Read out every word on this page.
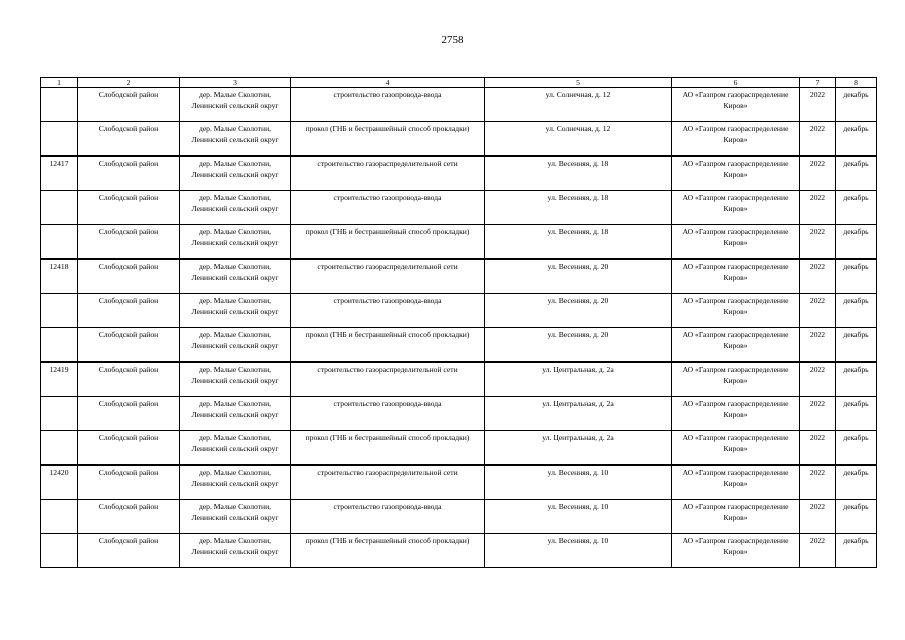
2758
1	2	3	4	5	6	7	8
	Слободской район	дер. Малые Сколотни, Ленинский сельский округ	строительство газопровода-ввода	ул. Солнечная, д. 12	АО «Газпром газораспределение Киров»	2022	декабрь
	Слободской район	дер. Малые Сколотни, Ленинский сельский округ	прокол (ГНБ и бестраншейный способ прокладки)	ул. Солнечная, д. 12	АО «Газпром газораспределение Киров»	2022	декабрь
12417	Слободской район	дер. Малые Сколотни, Ленинский сельский округ	строительство газораспределительной сети	ул. Весенняя, д. 18	АО «Газпром газораспределение Киров»	2022	декабрь
	Слободской район	дер. Малые Сколотни, Ленинский сельский округ	строительство газопровода-ввода	ул. Весенняя, д. 18	АО «Газпром газораспределение Киров»	2022	декабрь
	Слободской район	дер. Малые Сколотни, Ленинский сельский округ	прокол (ГНБ и бестраншейный способ прокладки)	ул. Весенняя, д. 18	АО «Газпром газораспределение Киров»	2022	декабрь
12418	Слободской район	дер. Малые Сколотни, Ленинский сельский округ	строительство газораспределительной сети	ул. Весенняя, д. 20	АО «Газпром газораспределение Киров»	2022	декабрь
	Слободской район	дер. Малые Сколотни, Ленинский сельский округ	строительство газопровода-ввода	ул. Весенняя, д. 20	АО «Газпром газораспределение Киров»	2022	декабрь
	Слободской район	дер. Малые Сколотни, Ленинский сельский округ	прокол (ГНБ и бестраншейный способ прокладки)	ул. Весенняя, д. 20	АО «Газпром газораспределение Киров»	2022	декабрь
12419	Слободской район	дер. Малые Сколотни, Ленинский сельский округ	строительство газораспределительной сети	ул. Центральная, д. 2а	АО «Газпром газораспределение Киров»	2022	декабрь
	Слободской район	дер. Малые Сколотни, Ленинский сельский округ	строительство газопровода-ввода	ул. Центральная, д. 2а	АО «Газпром газораспределение Киров»	2022	декабрь
	Слободской район	дер. Малые Сколотни, Ленинский сельский округ	прокол (ГНБ и бестраншейный способ прокладки)	ул. Центральная, д. 2а	АО «Газпром газораспределение Киров»	2022	декабрь
12420	Слободской район	дер. Малые Сколотни, Ленинский сельский округ	строительство газораспределительной сети	ул. Весенняя, д. 10	АО «Газпром газораспределение Киров»	2022	декабрь
	Слободской район	дер. Малые Сколотни, Ленинский сельский округ	строительство газопровода-ввода	ул. Весенняя, д. 10	АО «Газпром газораспределение Киров»	2022	декабрь
	Слободской район	дер. Малые Сколотни, Ленинский сельский округ	прокол (ГНБ и бестраншейный способ прокладки)	ул. Весенняя, д. 10	АО «Газпром газораспределение Киров»	2022	декабрь
